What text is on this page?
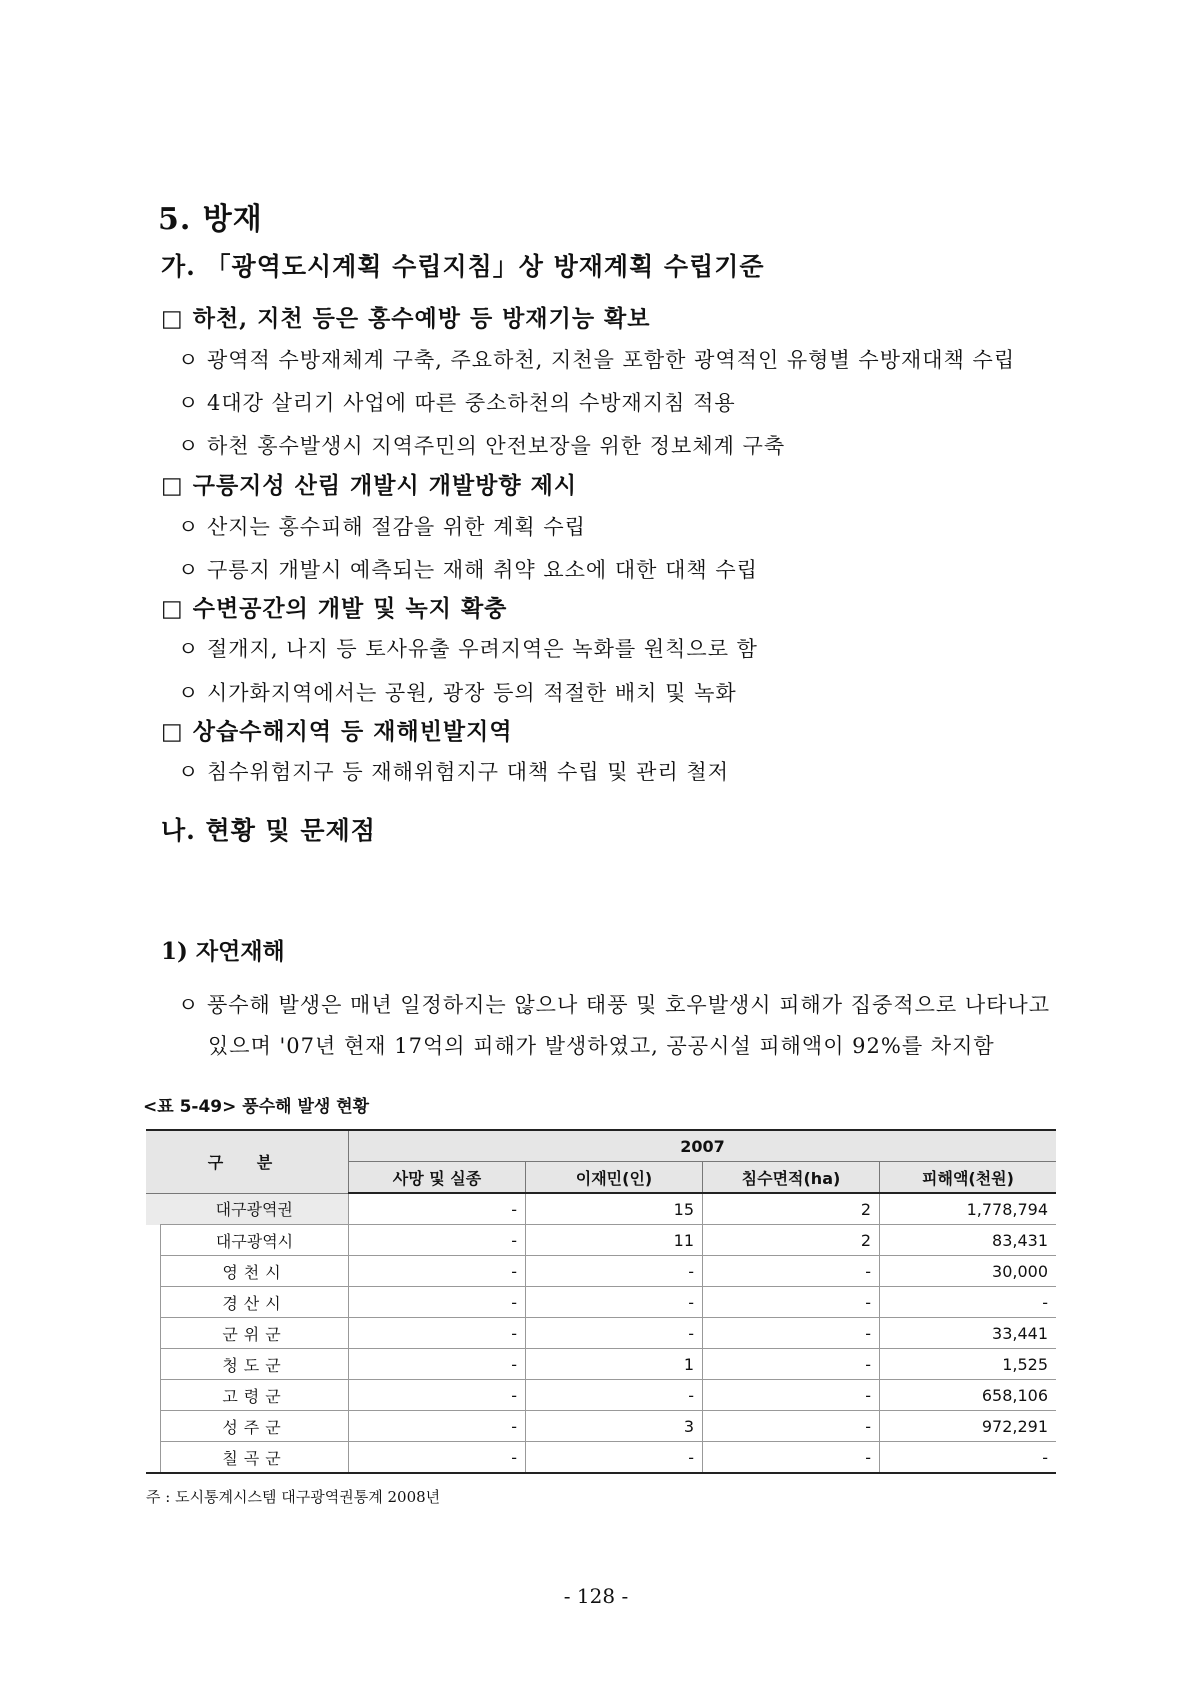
5. 방재
가. 「광역도시계획 수립지침」상 방재계획 수립기준
□ 하천, 지천 등은 홍수예방 등 방재기능 확보
ㅇ 광역적 수방재체계 구축, 주요하천, 지천을 포함한 광역적인 유형별 수방재대책 수립
ㅇ 4대강 살리기 사업에 따른 중소하천의 수방재지침 적용
ㅇ 하천 홍수발생시 지역주민의 안전보장을 위한 정보체계 구축
□ 구릉지성 산림 개발시 개발방향 제시
ㅇ 산지는 홍수피해 절감을 위한 계획 수립
ㅇ 구릉지 개발시 예측되는 재해 취약 요소에 대한 대책 수립
□ 수변공간의 개발 및 녹지 확충
ㅇ 절개지, 나지 등 토사유출 우려지역은 녹화를 원칙으로 함
ㅇ 시가화지역에서는 공원, 광장 등의 적절한 배치 및 녹화
□ 상습수해지역 등 재해빈발지역
ㅇ 침수위험지구 등 재해위험지구 대책 수립 및 관리 철저
나. 현황 및 문제점
1) 자연재해
ㅇ 풍수해 발생은 매년 일정하지는 않으나 태풍 및 호우발생시 피해가 집중적으로 나타나고
있으며 '07년 현재 17억의 피해가 발생하였고, 공공시설 피해액이 92%를 차지함
<표 5-49> 풍수해 발생 현황
구 분		2007			
		사망 및 실종	이재민(인)	침수면적(ha)	피해액(천원)
	대구광역권	-	15	2	1,778,794
	대구광역시	-	11	2	83,431
	영천시	-	-	-	30,000
	경산시	-	-	-	-
	군위군	-	-	-	33,441
	청도군	-	1	-	1,525
	고령군	-	-	-	658,106
	성주군	-	3	-	972,291
	칠곡군	-	-	-	-
주 : 도시통계시스템 대구광역권통계 2008년
- 128 -
